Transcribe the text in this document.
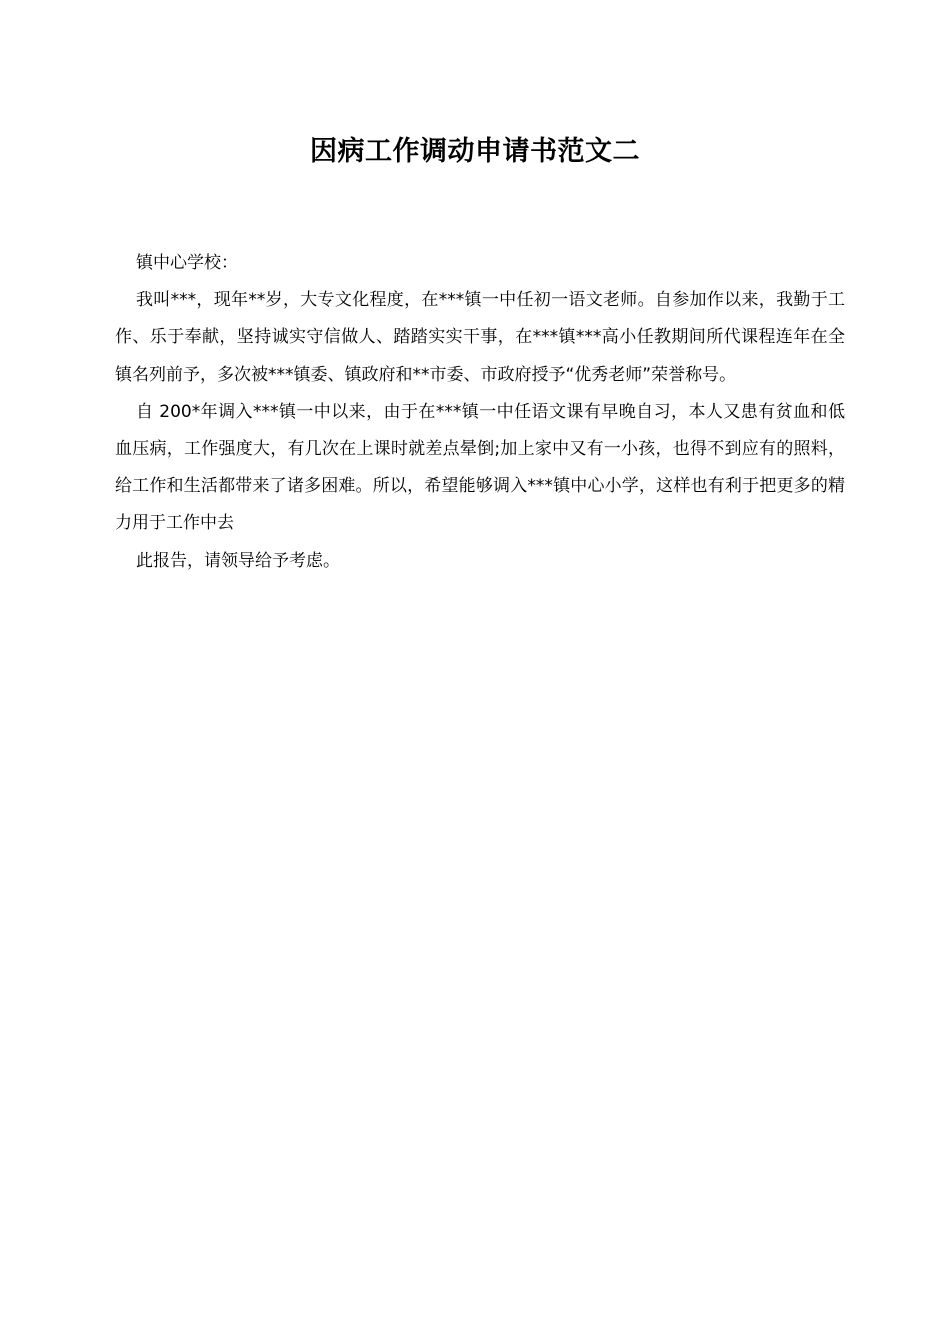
因病工作调动申请书范文二

镇中心学校：

我叫***，现年**岁，大专文化程度，在***镇一中任初一语文老师。自参加作以来，我勤于工作、乐于奉献，坚持诚实守信做人、踏踏实实干事，在***镇***高小任教期间所代课程连年在全镇名列前予，多次被***镇委、镇政府和**市委、市政府授予“优秀老师”荣誉称号。

自 200*年调入***镇一中以来，由于在***镇一中任语文课有早晚自习，本人又患有贫血和低血压病，工作强度大，有几次在上课时就差点晕倒;加上家中又有一小孩，也得不到应有的照料，给工作和生活都带来了诸多困难。所以，希望能够调入***镇中心小学，这样也有利于把更多的精力用于工作中去

此报告，请领导给予考虑。
